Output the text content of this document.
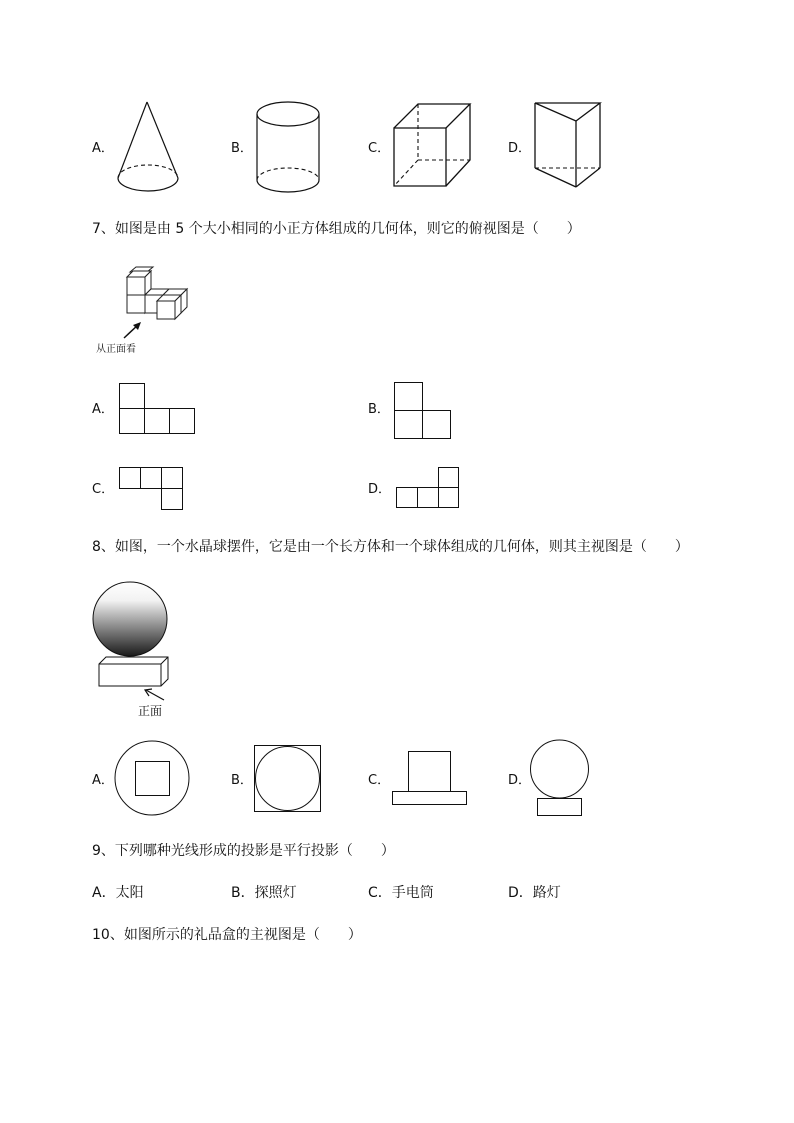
A．	B．	C．	D．
7、如图是由 5 个大小相同的小正方体组成的几何体，则它的俯视图是（　　）
从正面看
A．	B．
C．	D．
8、如图，一个水晶球摆件，它是由一个长方体和一个球体组成的几何体，则其主视图是（　　）
正面
A．	B．	C．	D．
9、下列哪种光线形成的投影是平行投影（　　）
A．太阳	B．探照灯	C．手电筒	D．路灯
10、如图所示的礼品盒的主视图是（　　）
